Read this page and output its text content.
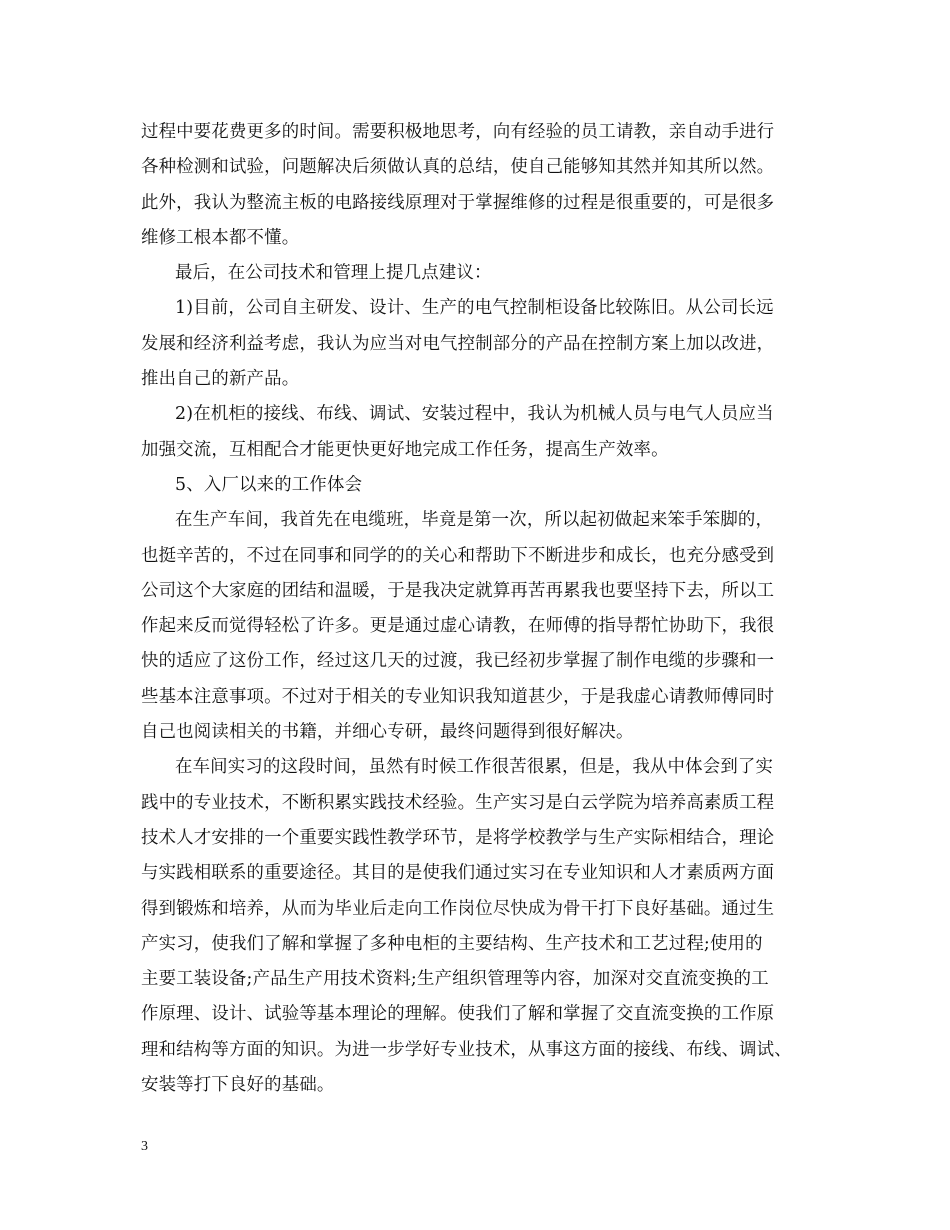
过程中要花费更多的时间。需要积极地思考，向有经验的员工请教，亲自动手进行
各种检测和试验，问题解决后须做认真的总结，使自己能够知其然并知其所以然。
此外，我认为整流主板的电路接线原理对于掌握维修的过程是很重要的，可是很多
维修工根本都不懂。
最后，在公司技术和管理上提几点建议：
1)目前，公司自主研发、设计、生产的电气控制柜设备比较陈旧。从公司长远
发展和经济利益考虑，我认为应当对电气控制部分的产品在控制方案上加以改进，
推出自己的新产品。
2)在机柜的接线、布线、调试、安装过程中，我认为机械人员与电气人员应当
加强交流，互相配合才能更快更好地完成工作任务，提高生产效率。
5、入厂以来的工作体会
在生产车间，我首先在电缆班，毕竟是第一次，所以起初做起来笨手笨脚的，
也挺辛苦的，不过在同事和同学的的关心和帮助下不断进步和成长，也充分感受到
公司这个大家庭的团结和温暖，于是我决定就算再苦再累我也要坚持下去，所以工
作起来反而觉得轻松了许多。更是通过虚心请教，在师傅的指导帮忙协助下，我很
快的适应了这份工作，经过这几天的过渡，我已经初步掌握了制作电缆的步骤和一
些基本注意事项。不过对于相关的专业知识我知道甚少，于是我虚心请教师傅同时
自己也阅读相关的书籍，并细心专研，最终问题得到很好解决。
在车间实习的这段时间，虽然有时候工作很苦很累，但是，我从中体会到了实
践中的专业技术，不断积累实践技术经验。生产实习是白云学院为培养高素质工程
技术人才安排的一个重要实践性教学环节，是将学校教学与生产实际相结合，理论
与实践相联系的重要途径。其目的是使我们通过实习在专业知识和人才素质两方面
得到锻炼和培养，从而为毕业后走向工作岗位尽快成为骨干打下良好基础。通过生
产实习，使我们了解和掌握了多种电柜的主要结构、生产技术和工艺过程;使用的
主要工装设备;产品生产用技术资料;生产组织管理等内容，加深对交直流变换的工
作原理、设计、试验等基本理论的理解。使我们了解和掌握了交直流变换的工作原
理和结构等方面的知识。为进一步学好专业技术，从事这方面的接线、布线、调试、
安装等打下良好的基础。
3
